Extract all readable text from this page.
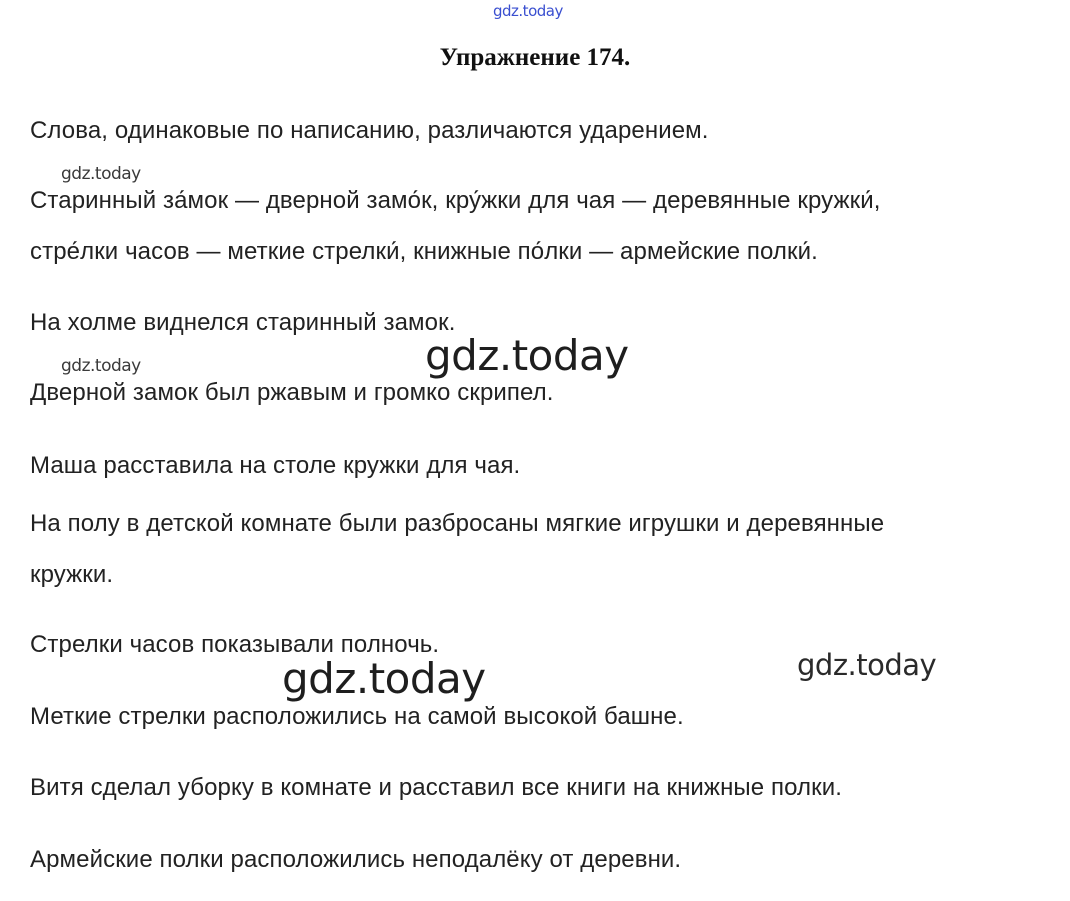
gdz.today
Упражнение 174.
Слова, одинаковые по написанию, различаются ударением.
gdz.today
Старинный за́мок — дверной замо́к, кру́жки для чая — деревянные кружки́,
стре́лки часов — меткие стрелки́, книжные по́лки — армейские полки́.
На холме виднелся старинный замок.
gdz.today
gdz.today
Дверной замок был ржавым и громко скрипел.
Маша расставила на столе кружки для чая.
На полу в детской комнате были разбросаны мягкие игрушки и деревянные
кружки.
Стрелки часов показывали полночь.
gdz.today
gdz.today
Меткие стрелки расположились на самой высокой башне.
Витя сделал уборку в комнате и расставил все книги на книжные полки.
Армейские полки расположились неподалёку от деревни.
